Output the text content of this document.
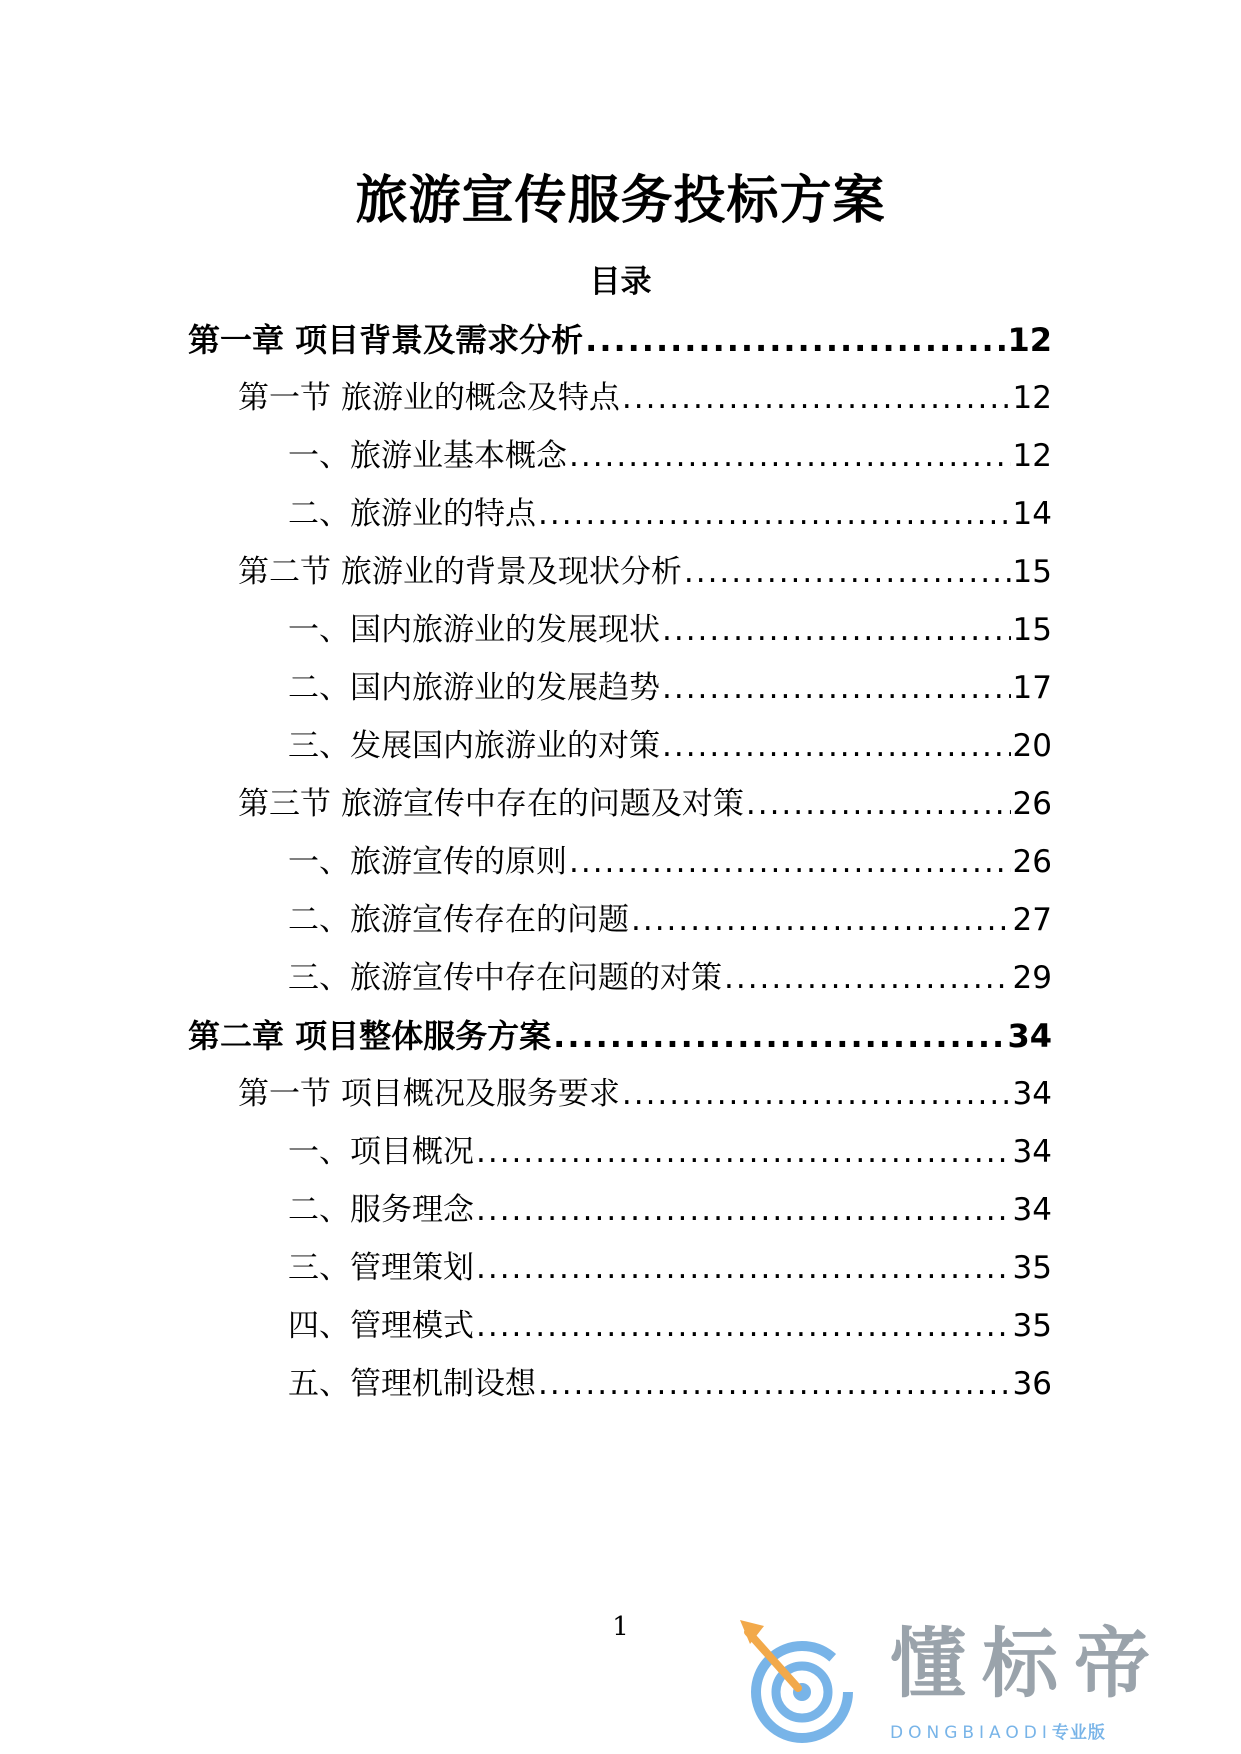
旅游宣传服务投标方案
目录
第一章 项目背景及需求分析 .....	12
第一节 旅游业的概念及特点 .....	12
一、旅游业基本概念 .....	12
二、旅游业的特点 .....	14
第二节 旅游业的背景及现状分析 .....	15
一、国内旅游业的发展现状 .....	15
二、国内旅游业的发展趋势 .....	17
三、发展国内旅游业的对策 .....	20
第三节 旅游宣传中存在的问题及对策 .....	26
一、旅游宣传的原则 .....	26
二、旅游宣传存在的问题 .....	27
三、旅游宣传中存在问题的对策 .....	29
第二章 项目整体服务方案 .....	34
第一节 项目概况及服务要求 .....	34
一、项目概况 .....	34
二、服务理念 .....	34
三、管理策划 .....	35
四、管理模式 .....	35
五、管理机制设想 .....	36
1	懂标帝
DONGBIAODI专业版
